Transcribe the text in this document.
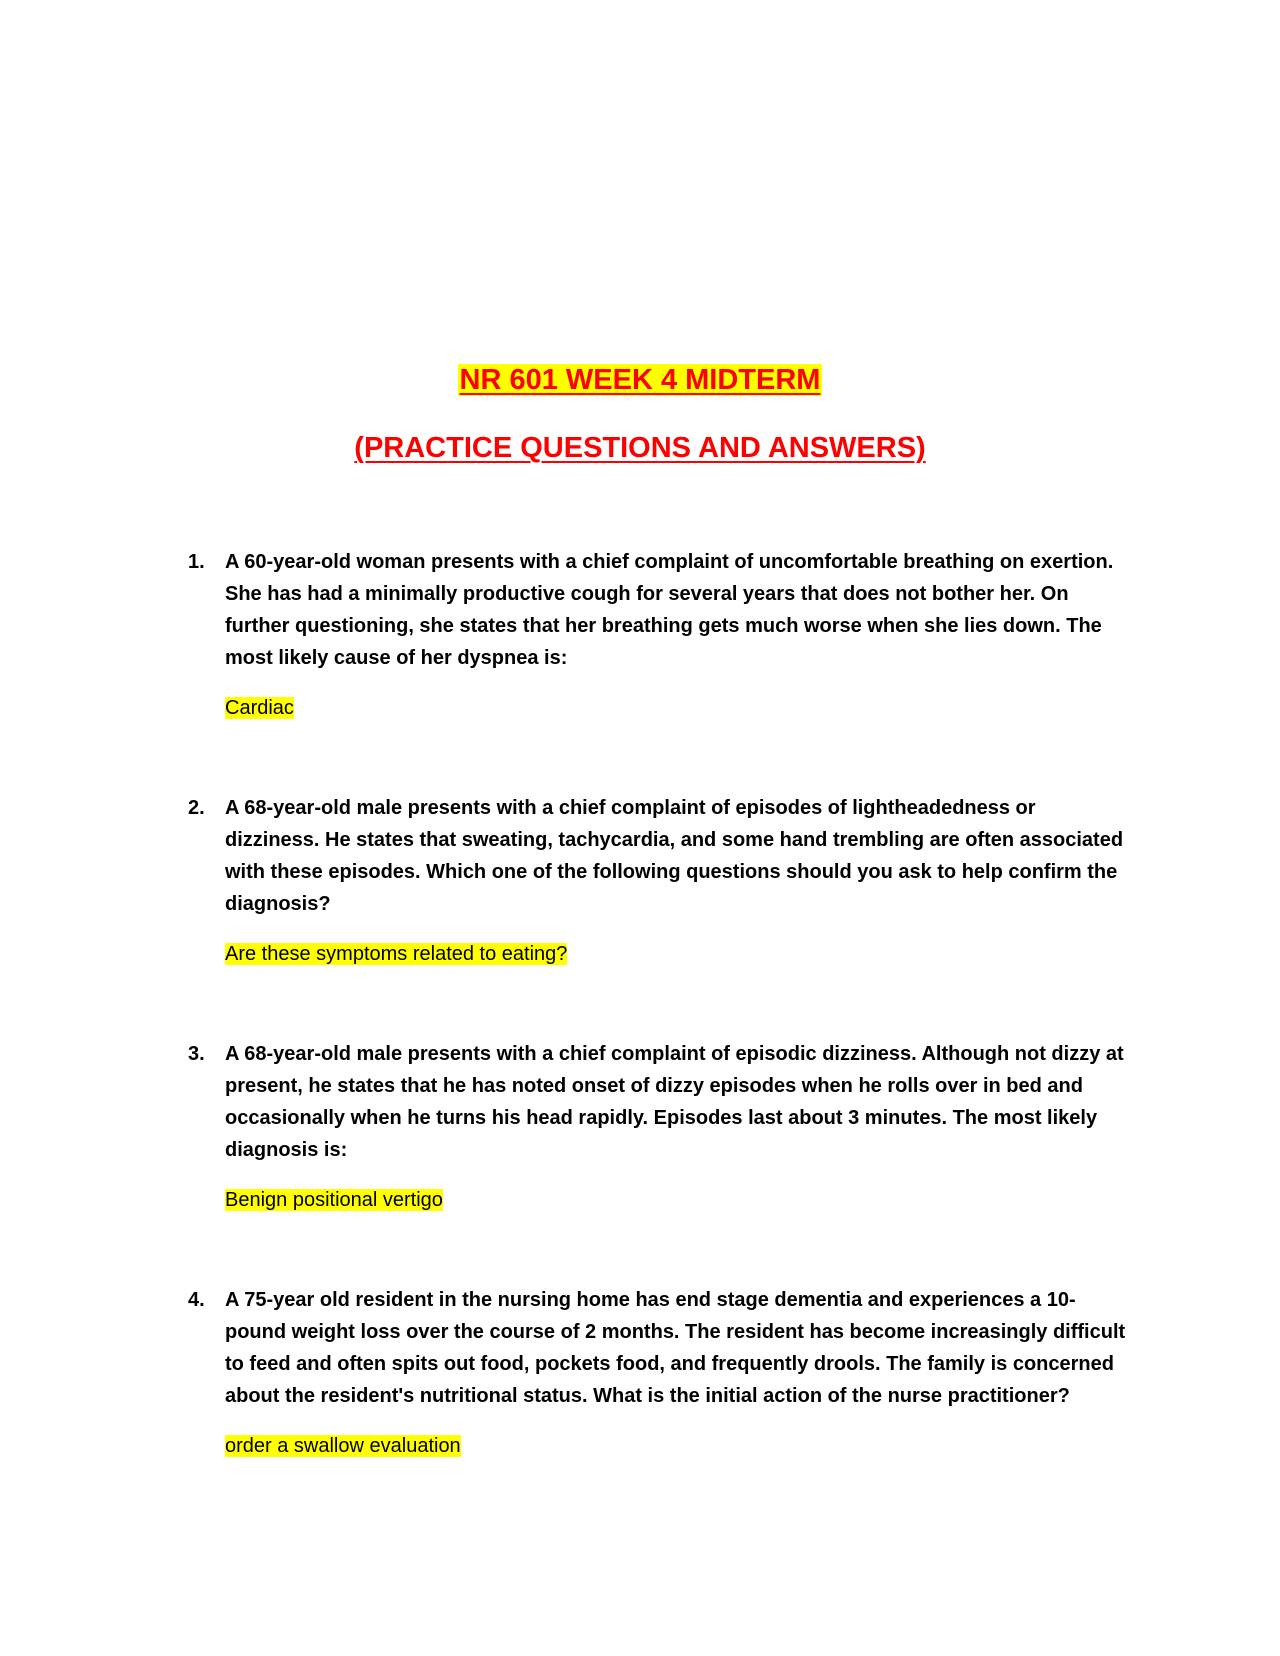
NR 601 WEEK 4 MIDTERM
(PRACTICE QUESTIONS AND ANSWERS)
1. A 60-year-old woman presents with a chief complaint of uncomfortable breathing on exertion. She has had a minimally productive cough for several years that does not bother her. On further questioning, she states that her breathing gets much worse when she lies down. The most likely cause of her dyspnea is:

Cardiac
2. A 68-year-old male presents with a chief complaint of episodes of lightheadedness or dizziness. He states that sweating, tachycardia, and some hand trembling are often associated with these episodes. Which one of the following questions should you ask to help confirm the diagnosis?

Are these symptoms related to eating?
3. A 68-year-old male presents with a chief complaint of episodic dizziness. Although not dizzy at present, he states that he has noted onset of dizzy episodes when he rolls over in bed and occasionally when he turns his head rapidly. Episodes last about 3 minutes. The most likely diagnosis is:

Benign positional vertigo
4. A 75-year old resident in the nursing home has end stage dementia and experiences a 10-pound weight loss over the course of 2 months. The resident has become increasingly difficult to feed and often spits out food, pockets food, and frequently drools. The family is concerned about the resident's nutritional status. What is the initial action of the nurse practitioner?

order a swallow evaluation
